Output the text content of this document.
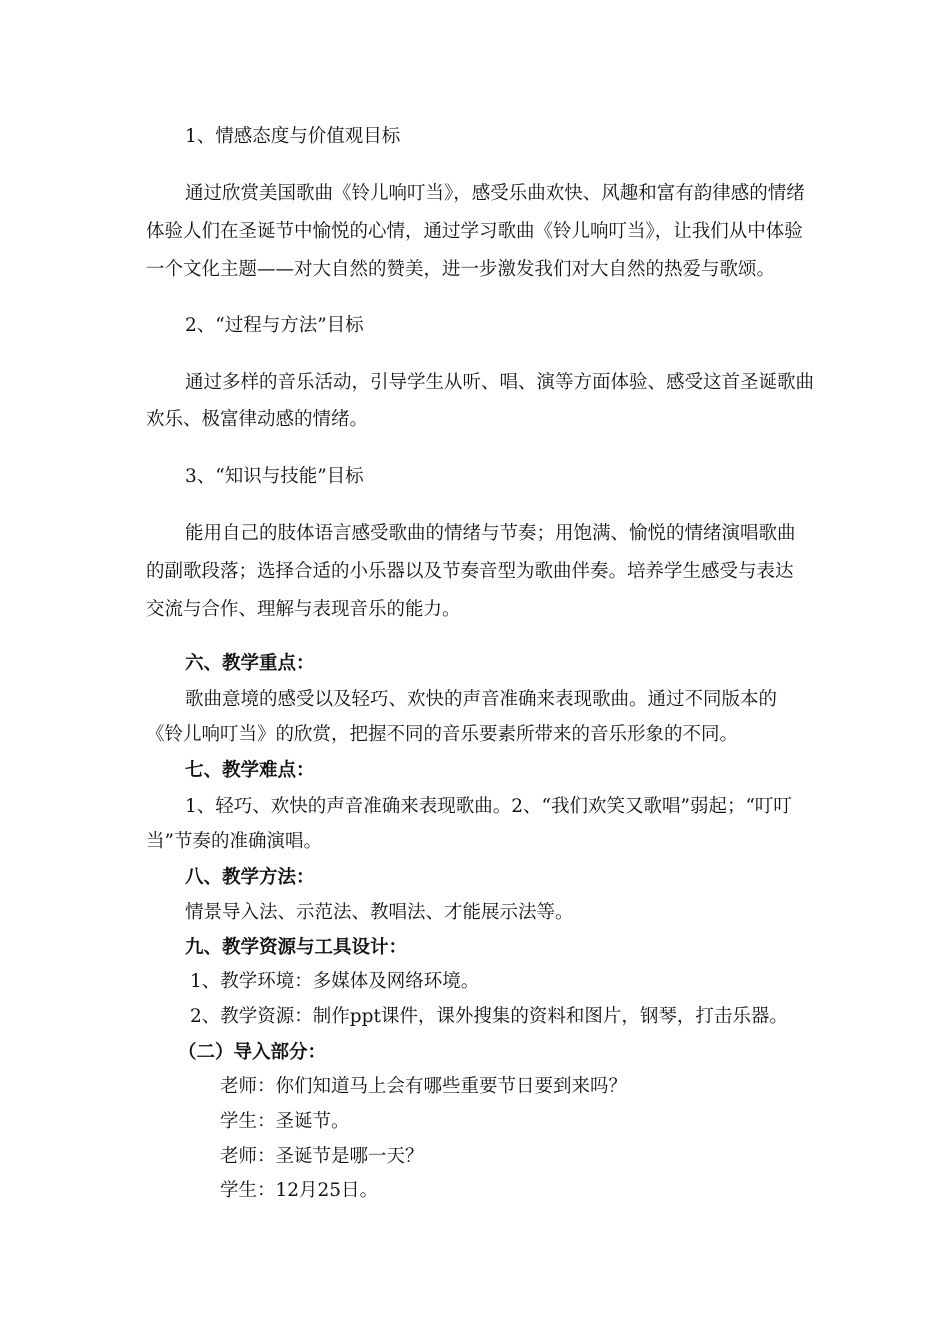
1、情感态度与价值观目标
通过欣赏美国歌曲《铃儿响叮当》，感受乐曲欢快、风趣和富有韵律感的情绪
体验人们在圣诞节中愉悦的心情，通过学习歌曲《铃儿响叮当》，让我们从中体验
一个文化主题——对大自然的赞美，进一步激发我们对大自然的热爱与歌颂。
2、“过程与方法”目标
通过多样的音乐活动，引导学生从听、唱、演等方面体验、感受这首圣诞歌曲
欢乐、极富律动感的情绪。
3、“知识与技能”目标
能用自己的肢体语言感受歌曲的情绪与节奏；用饱满、愉悦的情绪演唱歌曲
的副歌段落；选择合适的小乐器以及节奏音型为歌曲伴奏。培养学生感受与表达
交流与合作、理解与表现音乐的能力。
六、教学重点：
歌曲意境的感受以及轻巧、欢快的声音准确来表现歌曲。通过不同版本的
《铃儿响叮当》的欣赏，把握不同的音乐要素所带来的音乐形象的不同。
七、教学难点：
1、轻巧、欢快的声音准确来表现歌曲。2、“我们欢笑又歌唱”弱起；“叮叮
当”节奏的准确演唱。
八、教学方法：
情景导入法、示范法、教唱法、才能展示法等。
九、教学资源与工具设计：
1、教学环境：多媒体及网络环境。
2、教学资源：制作ppt课件，课外搜集的资料和图片，钢琴，打击乐器。
（二）导入部分：
老师：你们知道马上会有哪些重要节日要到来吗？
学生：圣诞节。
老师：圣诞节是哪一天？
学生：12月25日。
